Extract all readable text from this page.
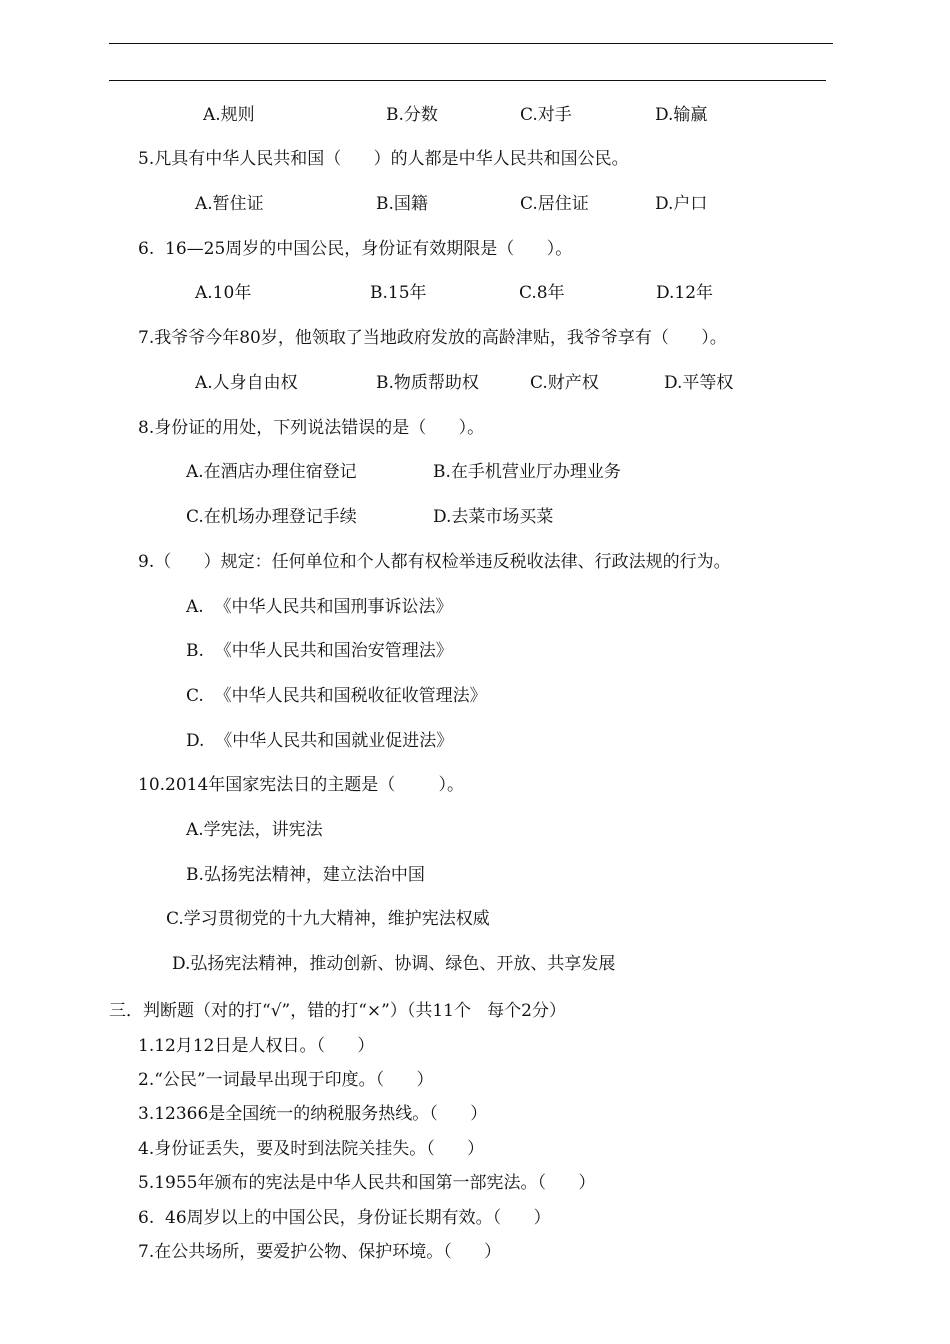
A.规则	B.分数	C.对手	D.输赢
5.凡具有中华人民共和国（      ）的人都是中华人民共和国公民。
A.暂住证	B.国籍	C.居住证	D.户口
6.  16—25周岁的中国公民，身份证有效期限是（      ）。
A.10年	B.15年	C.8年	D.12年
7.我爷爷今年80岁，他领取了当地政府发放的高龄津贴，我爷爷享有（      ）。
A.人身自由权	B.物质帮助权	C.财产权	D.平等权
8.身份证的用处，下列说法错误的是（      ）。
A.在酒店办理住宿登记	B.在手机营业厅办理业务
C.在机场办理登记手续	D.去菜市场买菜
9.（      ）规定：任何单位和个人都有权检举违反税收法律、行政法规的行为。
A.  《中华人民共和国刑事诉讼法》
B.  《中华人民共和国治安管理法》
C.  《中华人民共和国税收征收管理法》
D.  《中华人民共和国就业促进法》
10.2014年国家宪法日的主题是（        ）。
A.学宪法，讲宪法
B.弘扬宪法精神，建立法治中国
C.学习贯彻党的十九大精神，维护宪法权威
D.弘扬宪法精神，推动创新、协调、绿色、开放、共享发展
三．判断题（对的打“√”，错的打“×”）（共11个   每个2分）
1.12月12日是人权日。（      ）
2.“公民”一词最早出现于印度。（      ）
3.12366是全国统一的纳税服务热线。（      ）
4.身份证丢失，要及时到法院关挂失。（      ）
5.1955年颁布的宪法是中华人民共和国第一部宪法。（      ）
6.  46周岁以上的中国公民，身份证长期有效。（      ）
7.在公共场所，要爱护公物、保护环境。（      ）
